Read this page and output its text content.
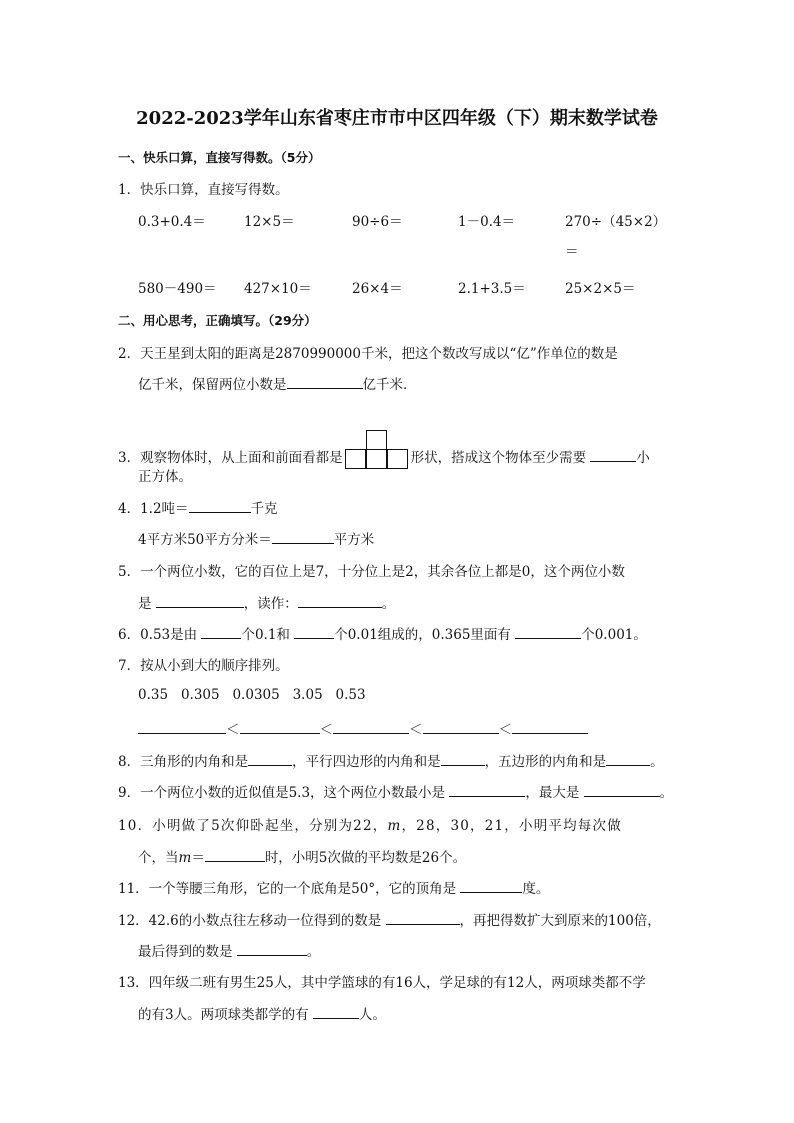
2022-2023学年山东省枣庄市市中区四年级（下）期末数学试卷
一、快乐口算，直接写得数。（5分）
1．快乐口算，直接写得数。
0.3+0.4＝	12×5＝	90÷6＝	1－0.4＝	270÷（45×2）
＝
580－490＝ 427×10＝	26×4＝	2.1+3.5＝	25×2×5＝
二、用心思考，正确填写。（29分）
2．天王星到太阳的距离是2870990000千米，把这个数改写成以“亿”作单位的数是
亿千米，保留两位小数是	亿千米．
3．观察物体时，从上面和前面看都是	形状，搭成这个物体至少需要	小
正方体。
4．1.2吨＝	千克
4平方米50平方分米＝	平方米
5．一个两位小数，它的百位上是7，十分位上是2，其余各位上都是0，这个两位小数
是	，读作：	。
6．0.53是由	个0.1和	个0.01组成的，0.365里面有	个0.001。
7．按从小到大的顺序排列。
0.35 0.305 0.0305 3.05 0.53
＜	＜	＜	＜
8．三角形的内角和是	，平行四边形的内角和是	，五边形的内角和是	。
9．一个两位小数的近似值是5.3，这个两位小数最小是	，最大是	。
10．小明做了5次仰卧起坐，分别为22，m，28，30，21，小明平均每次做
个，当m＝	时，小明5次做的平均数是26个。
11．一个等腰三角形，它的一个底角是50°，它的顶角是	度。
12．42.6的小数点往左移动一位得到的数是	，再把得数扩大到原来的100倍，
最后得到的数是	。
13．四年级二班有男生25人，其中学篮球的有16人，学足球的有12人，两项球类都不学
的有3人。两项球类都学的有	人。
